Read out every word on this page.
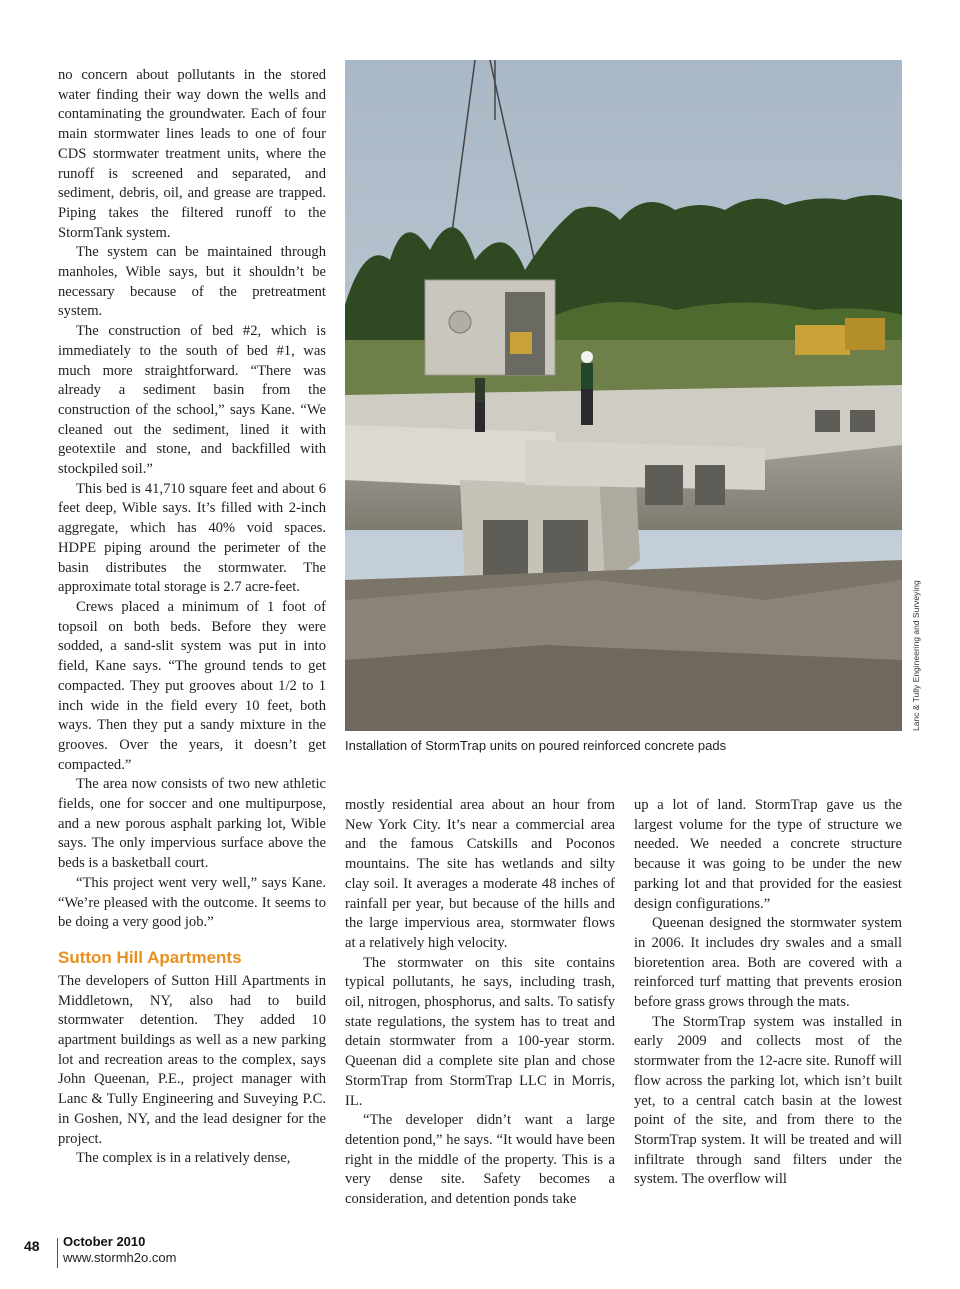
no concern about pollutants in the stored water finding their way down the wells and contaminating the groundwater. Each of four main stormwater lines leads to one of four CDS stormwater treatment units, where the runoff is screened and separated, and sediment, debris, oil, and grease are trapped. Piping takes the filtered runoff to the StormTank system.

The system can be maintained through manholes, Wible says, but it shouldn’t be necessary because of the pretreatment system.

The construction of bed #2, which is immediately to the south of bed #1, was much more straightforward. “There was already a sediment basin from the construction of the school,” says Kane. “We cleaned out the sediment, lined it with geotextile and stone, and backfilled with stockpiled soil.”

This bed is 41,710 square feet and about 6 feet deep, Wible says. It’s filled with 2-inch aggregate, which has 40% void spaces. HDPE piping around the perimeter of the basin distributes the stormwater. The approximate total storage is 2.7 acre-feet.

Crews placed a minimum of 1 foot of topsoil on both beds. Before they were sodded, a sand-slit system was put in into field, Kane says. “The ground tends to get compacted. They put grooves about 1/2 to 1 inch wide in the field every 10 feet, both ways. Then they put a sandy mixture in the grooves. Over the years, it doesn’t get compacted.”

The area now consists of two new athletic fields, one for soccer and one multipurpose, and a new porous asphalt parking lot, Wible says. The only impervious surface above the beds is a basketball court.

“This project went very well,” says Kane. “We’re pleased with the outcome. It seems to be doing a very good job.”

Sutton Hill Apartments

The developers of Sutton Hill Apartments in Middletown, NY, also had to build stormwater detention. They added 10 apartment buildings as well as a new parking lot and recreation areas to the complex, says John Queenan, P.E., project manager with Lanc & Tully Engineering and Suveying P.C. in Goshen, NY, and the lead designer for the project.

The complex is in a relatively dense,

Lanc & Tully Engineering and Surveying
Installation of StormTrap units on poured reinforced concrete pads

mostly residential area about an hour from New York City. It’s near a commercial area and the famous Catskills and Poconos mountains. The site has wetlands and silty clay soil. It averages a moderate 48 inches of rainfall per year, but because of the hills and the large impervious area, stormwater flows at a relatively high velocity.

The stormwater on this site contains typical pollutants, he says, including trash, oil, nitrogen, phosphorus, and salts. To satisfy state regulations, the system has to treat and detain stormwater from a 100-year storm. Queenan did a complete site plan and chose StormTrap from StormTrap LLC in Morris, IL.

“The developer didn’t want a large detention pond,” he says. “It would have been right in the middle of the property. This is a very dense site. Safety becomes a consideration, and detention ponds take

up a lot of land. StormTrap gave us the largest volume for the type of structure we needed. We needed a concrete structure because it was going to be under the new parking lot and that provided for the easiest design configurations.”

Queenan designed the stormwater system in 2006. It includes dry swales and a small bioretention area. Both are covered with a reinforced turf matting that prevents erosion before grass grows through the mats.

The StormTrap system was installed in early 2009 and collects most of the stormwater from the 12-acre site. Runoff will flow across the parking lot, which isn’t built yet, to a central catch basin at the lowest point of the site, and from there to the StormTrap system. It will be treated and will infiltrate through sand filters under the system. The overflow will

48 October 2010
www.stormh2o.com
